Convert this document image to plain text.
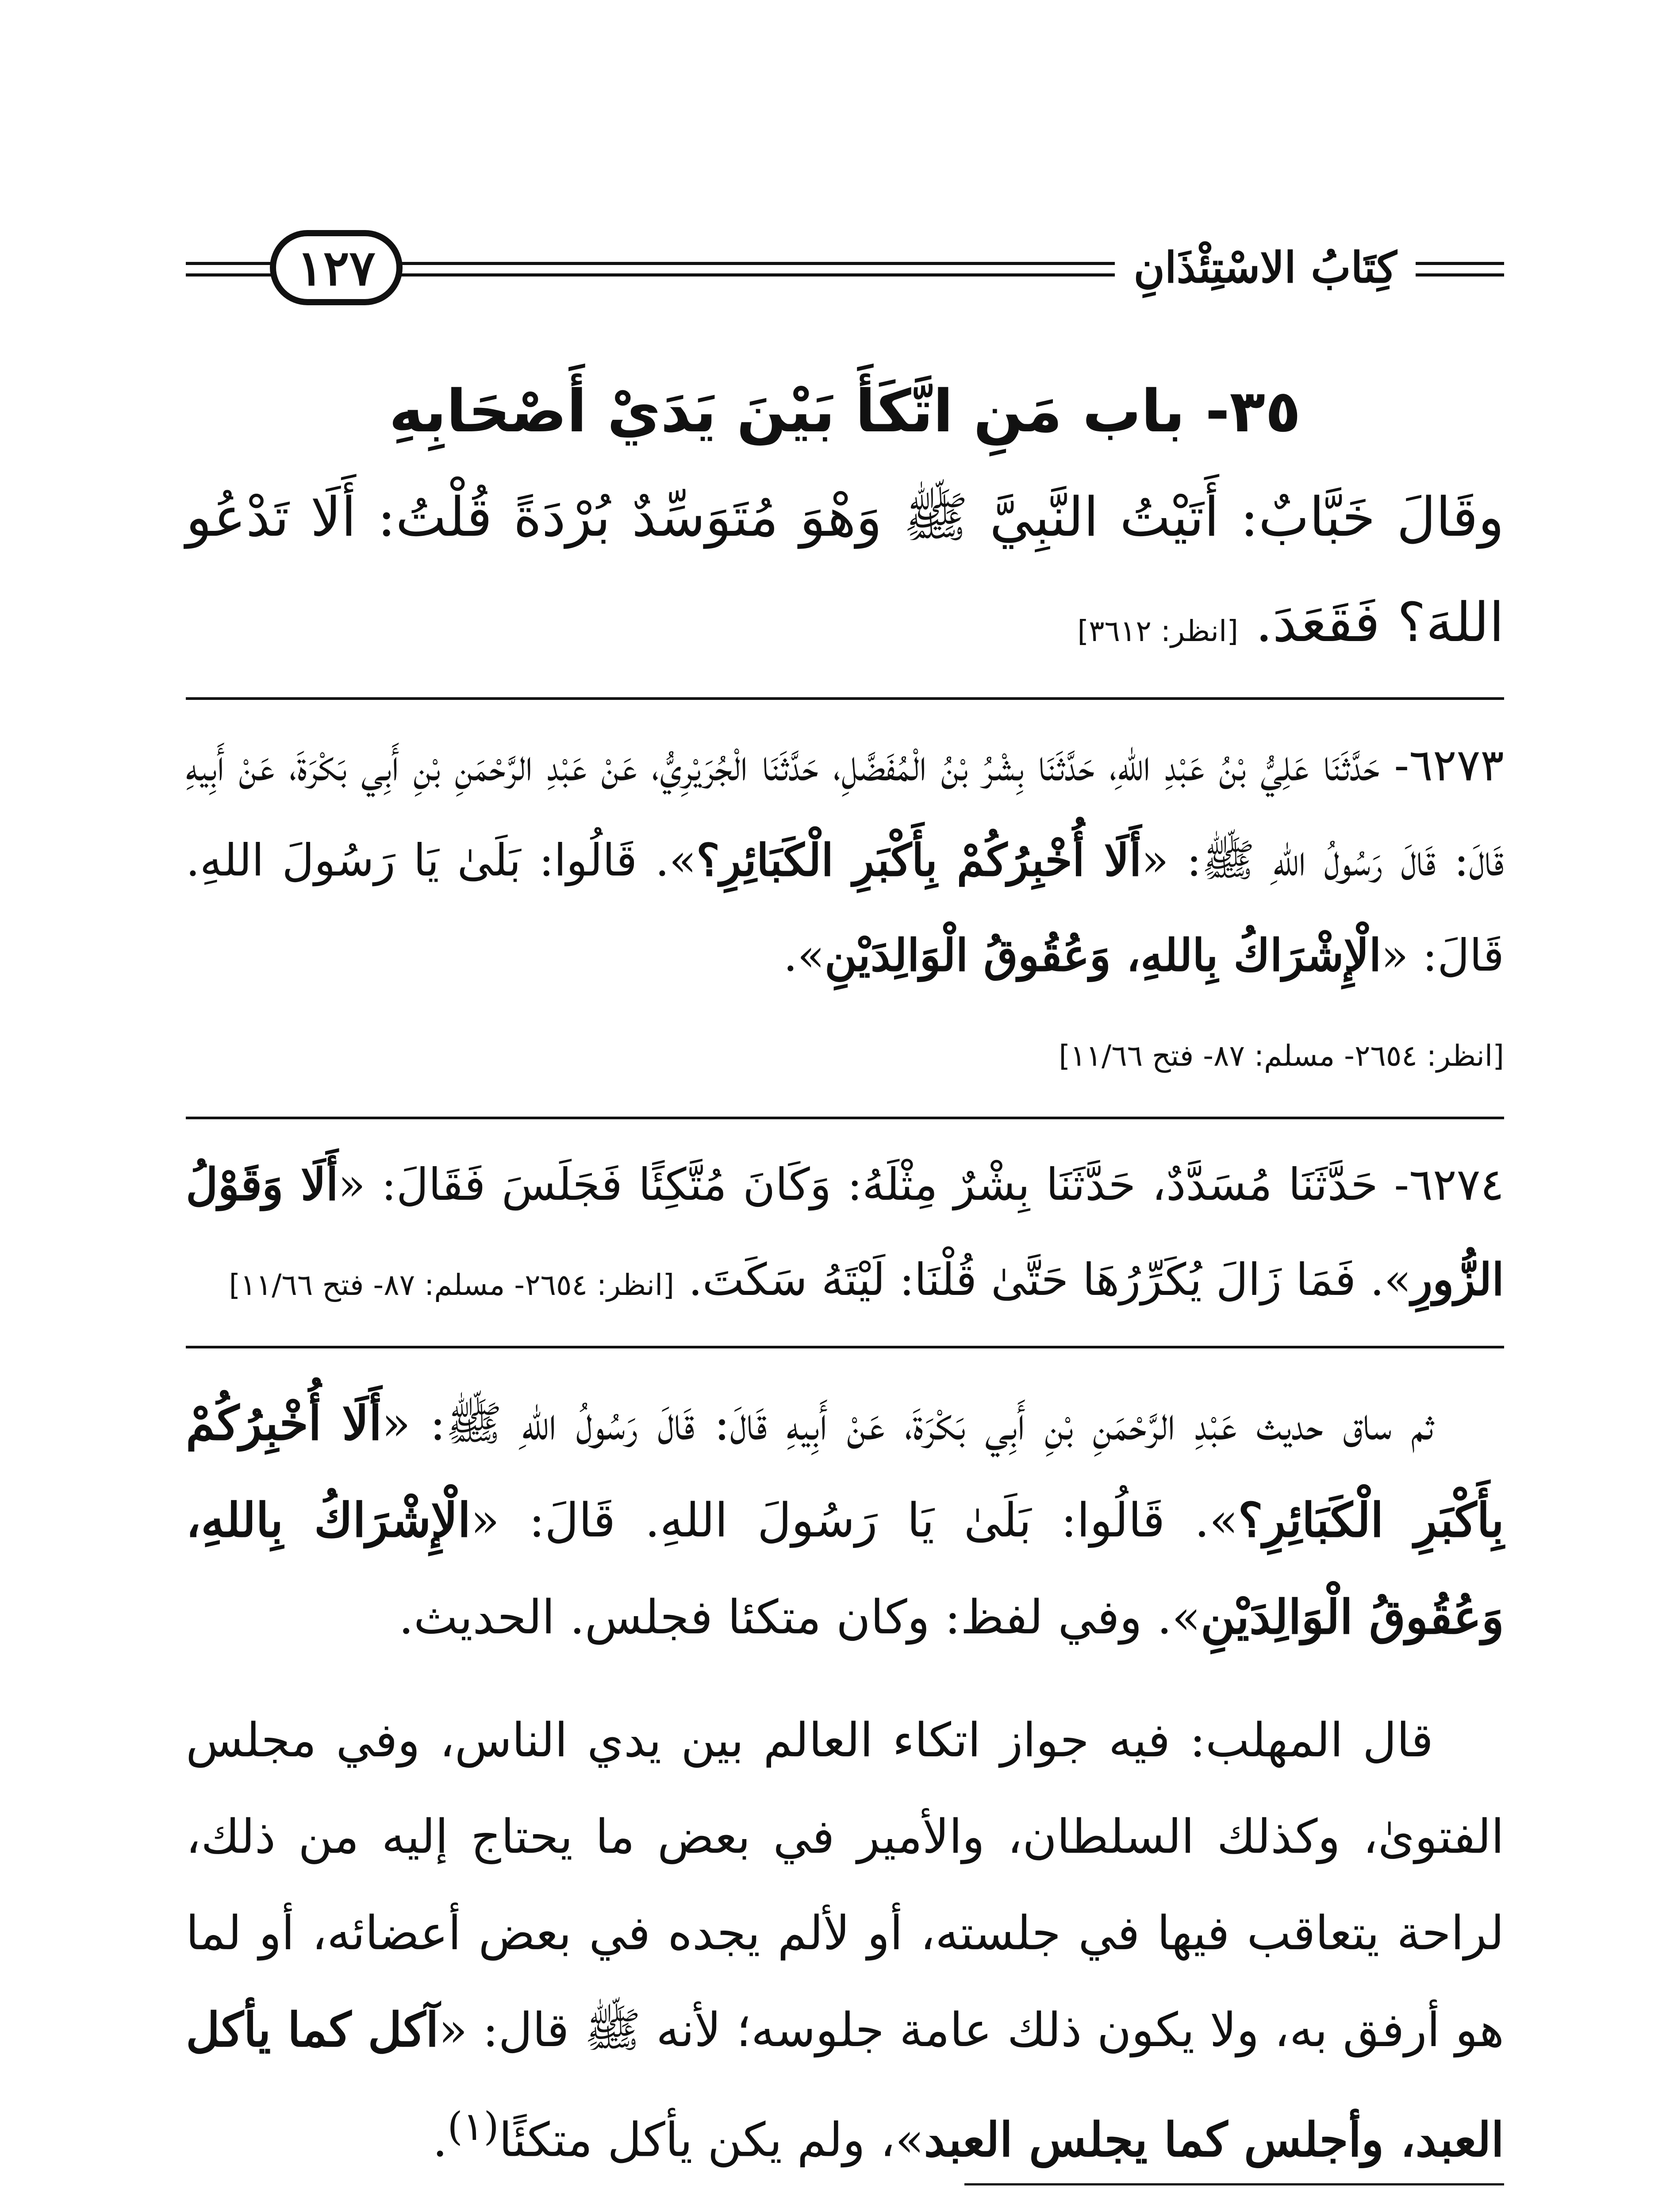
١٢٧	كِتَابُ الاسْتِئْذَانِ
٣٥- باب مَنِ اتَّكَأَ بَيْنَ يَدَيْ أَصْحَابِهِ

وقَالَ خَبَّابٌ: أَتَيْتُ النَّبِيَّ ﷺ وَهْوَ مُتَوَسِّدٌ بُرْدَةً قُلْتُ: أَلَا تَدْعُو اللهَ؟ فَقَعَدَ. [انظر: ٣٦١٢]

٦٢٧٣- حَدَّثَنَا عَلِيُّ بْنُ عَبْدِ اللهِ، حَدَّثَنَا بِشْرُ بْنُ الْمُفَضَّلِ، حَدَّثَنَا الْجُرَيْرِيُّ، عَنْ عَبْدِ الرَّحْمَنِ بْنِ أَبِي بَكْرَةَ، عَنْ أَبِيهِ قَالَ: قَالَ رَسُولُ اللهِ ﷺ: «أَلَا أُخْبِرُكُمْ بِأَكْبَرِ الْكَبَائِرِ؟». قَالُوا: بَلَىٰ يَا رَسُولَ اللهِ. قَالَ: «الْإِشْرَاكُ بِاللهِ، وَعُقُوقُ الْوَالِدَيْنِ».
[انظر: ٢٦٥٤- مسلم: ٨٧- فتح ١١/٦٦]

٦٢٧٤- حَدَّثَنَا مُسَدَّدٌ، حَدَّثَنَا بِشْرٌ مِثْلَهُ: وَكَانَ مُتَّكِئًا فَجَلَسَ فَقَالَ: «أَلَا وَقَوْلُ الزُّورِ». فَمَا زَالَ يُكَرِّرُهَا حَتَّىٰ قُلْنَا: لَيْتَهُ سَكَتَ. [انظر: ٢٦٥٤- مسلم: ٨٧- فتح ١١/٦٦]

ثم ساق حديث عَبْدِ الرَّحْمَنِ بْنِ أَبِي بَكْرَةَ، عَنْ أَبِيهِ قَالَ: قَالَ رَسُولُ اللهِ ﷺ: «أَلَا أُخْبِرُكُمْ بِأَكْبَرِ الْكَبَائِرِ؟». قَالُوا: بَلَىٰ يَا رَسُولَ اللهِ. قَالَ: «الْإِشْرَاكُ بِاللهِ، وَعُقُوقُ الْوَالِدَيْنِ». وفي لفظ: وكان متكئا فجلس. الحديث.

قال المهلب: فيه جواز اتكاء العالم بين يدي الناس، وفي مجلس الفتوىٰ، وكذلك السلطان، والأمير في بعض ما يحتاج إليه من ذلك، لراحة يتعاقب فيها في جلسته، أو لألم يجده في بعض أعضائه، أو لما هو أرفق به، ولا يكون ذلك عامة جلوسه؛ لأنه ﷺ قال: «آكل كما يأكل العبد، وأجلس كما يجلس العبد»، ولم يكن يأكل متكئًا$^{(١)}$.
